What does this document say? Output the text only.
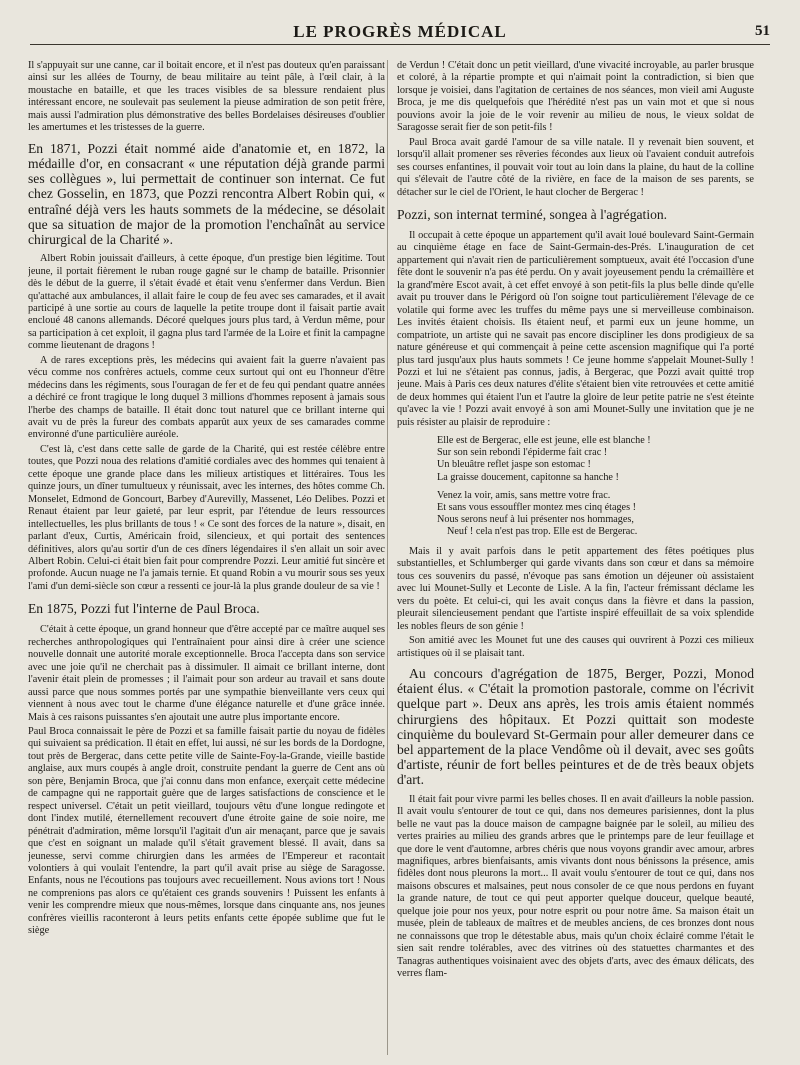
LE PROGRÈS MÉDICAL	51

Il s'appuyait sur une canne, car il boitait encore, et il n'est pas douteux qu'en paraissant ainsi sur les allées de Tourny, de beau militaire au teint pâle, à l'œil clair, à la moustache en bataille, et que les traces visibles de sa blessure rendaient plus intéressant encore, ne soulevait pas seulement la pieuse admiration de son petit frère, mais aussi l'admiration plus démonstrative des belles Bordelaises désireuses d'oublier les amertumes et les tristesses de la guerre.

En 1871, Pozzi était nommé aide d'anatomie et, en 1872, la médaille d'or, en consacrant « une réputation déjà grande parmi ses collègues », lui permettait de continuer son internat. Ce fut chez Gosselin, en 1873, que Pozzi rencontra Albert Robin qui, « entraîné déjà vers les hauts sommets de la médecine, se désolait que sa situation de major de la promotion l'enchaînât au service chirurgical de la Charité ».

Albert Robin jouissait d'ailleurs, à cette époque, d'un prestige bien légitime. Tout jeune, il portait fièrement le ruban rouge gagné sur le champ de bataille. Prisonnier dès le début de la guerre, il s'était évadé et était venu s'enfermer dans Verdun. Bien qu'attaché aux ambulances, il allait faire le coup de feu avec ses camarades, et il avait participé à une sortie au cours de laquelle la petite troupe dont il faisait partie avait encloué 48 canons allemands. Décoré quelques jours plus tard, à Verdun même, pour sa participation à cet exploit, il gagna plus tard l'armée de la Loire et finit la campagne comme lieutenant de dragons !

A de rares exceptions près, les médecins qui avaient fait la guerre n'avaient pas vécu comme nos confrères actuels, comme ceux surtout qui ont eu l'honneur d'être médecins dans les régiments, sous l'ouragan de fer et de feu qui pendant quatre années a déchiré ce front tragique le long duquel 3 millions d'hommes reposent à jamais sous l'herbe des champs de bataille. Il était donc tout naturel que ce brillant interne qui avait vu de près la fureur des combats apparût aux yeux de ses camarades comme environné d'une particulière auréole.

C'est là, c'est dans cette salle de garde de la Charité, qui est restée célèbre entre toutes, que Pozzi noua des relations d'amitié cordiales avec des hommes qui tenaient à cette époque une grande place dans les milieux artistiques et littéraires. Tous les quinze jours, un dîner tumultueux y réunissait, avec les internes, des hôtes comme Ch. Monselet, Edmond de Goncourt, Barbey d'Aurevilly, Massenet, Léo Delibes. Pozzi et Renaut étaient par leur gaieté, par leur esprit, par l'étendue de leurs ressources intellectuelles, les plus brillants de tous ! « Ce sont des forces de la nature », disait, en parlant d'eux, Curtis, Américain froid, silencieux, et qui portait des sentences définitives, alors qu'au sortir d'un de ces dîners légendaires il s'en allait un soir avec Albert Robin. Celui-ci était bien fait pour comprendre Pozzi. Leur amitié fut sincère et profonde. Aucun nuage ne l'a jamais ternie. Et quand Robin a vu mourir sous ses yeux l'ami d'un demi-siècle son cœur a ressenti ce jour-là la plus grande douleur de sa vie !

En 1875, Pozzi fut l'interne de Paul Broca.

C'était à cette époque, un grand honneur que d'être accepté par ce maître auquel ses recherches anthropologiques qui l'entraînaient pour ainsi dire à créer une science nouvelle donnait une autorité morale exceptionnelle. Broca l'accepta dans son service avec une joie qu'il ne cherchait pas à dissimuler. Il aimait ce brillant interne, dont l'avenir était plein de promesses ; il l'aimait pour son ardeur au travail et sans doute aussi parce que nous sommes portés par une sympathie bienveillante vers ceux qui viennent à nous avec tout le charme d'une élégance naturelle et d'une grâce innée. Mais à ces raisons puissantes s'en ajoutait une autre plus importante encore.

Paul Broca connaissait le père de Pozzi et sa famille faisait partie du noyau de fidèles qui suivaient sa prédication. Il était en effet, lui aussi, né sur les bords de la Dordogne, tout près de Bergerac, dans cette petite ville de Sainte-Foy-la-Grande, vieille bastide anglaise, aux murs coupés à angle droit, construite pendant la guerre de Cent ans où son père, Benjamin Broca, que j'ai connu dans mon enfance, exerçait cette médecine de campagne qui ne rapportait guère que de larges satisfactions de conscience et le respect universel. C'était un petit vieillard, toujours vêtu d'une longue redingote et dont l'index mutilé, éternellement recouvert d'une étroite gaine de soie noire, me pénétrait d'admiration, même lorsqu'il l'agitait d'un air menaçant, parce que je savais que c'est en soignant un malade qu'il s'était gravement blessé. Il avait, dans sa jeunesse, servi comme chirurgien dans les armées de l'Empereur et racontait volontiers à qui voulait l'entendre, la part qu'il avait prise au siège de Saragosse. Enfants, nous ne l'écoutions pas toujours avec recueillement. Nous avions tort ! Nous ne comprenions pas alors ce qu'étaient ces grands souvenirs ! Puissent les enfants à venir les comprendre mieux que nous-mêmes, lorsque dans cinquante ans, nos jeunes confrères vieillis raconteront à leurs petits enfants cette épopée sublime que fut le siège

de Verdun ! C'était donc un petit vieillard, d'une vivacité incroyable, au parler brusque et coloré, à la répartie prompte et qui n'aimait point la contradiction, si bien que lorsque je voisiei, dans l'agitation de certaines de nos séances, mon vieil ami Auguste Broca, je me dis quelquefois que l'hérédité n'est pas un vain mot et que si nous pouvions avoir la joie de le voir revenir au milieu de nous, le vieux soldat de Saragosse serait fier de son petit-fils !

Paul Broca avait gardé l'amour de sa ville natale. Il y revenait bien souvent, et lorsqu'il allait promener ses rêveries fécondes aux lieux où l'avaient conduit autrefois ses courses enfantines, il pouvait voir tout au loin dans la plaine, du haut de la colline qui s'élevait de l'autre côté de la rivière, en face de la maison de ses parents, se détacher sur le ciel de l'Orient, le haut clocher de Bergerac !

Pozzi, son internat terminé, songea à l'agrégation.

Il occupait à cette époque un appartement qu'il avait loué boulevard Saint-Germain au cinquième étage en face de Saint-Germain-des-Prés. L'inauguration de cet appartement qui n'avait rien de particulièrement somptueux, avait été l'occasion d'une fête dont le souvenir n'a pas été perdu. On y avait joyeusement pendu la crémaillère et la grand'mère Escot avait, à cet effet envoyé à son petit-fils la plus belle dinde qu'elle avait pu trouver dans le Périgord où l'on soigne tout particulièrement l'élevage de ce volatile qui forme avec les truffes du même pays une si merveilleuse combinaison. Les invités étaient choisis. Ils étaient neuf, et parmi eux un jeune homme, un compatriote, un artiste qui ne savait pas encore discipliner les dons prodigieux de sa nature généreuse et qui commençait à peine cette ascension magnifique qui l'a porté plus tard jusqu'aux plus hauts sommets ! Ce jeune homme s'appelait Mounet-Sully ! Pozzi et lui ne s'étaient pas connus, jadis, à Bergerac, que Pozzi avait quitté trop jeune. Mais à Paris ces deux natures d'élite s'étaient bien vite retrouvées et cette amitié de deux hommes qui étaient l'un et l'autre la gloire de leur petite patrie ne s'est éteinte qu'avec la vie ! Pozzi avait envoyé à son ami Mounet-Sully une invitation que je ne puis résister au plaisir de reproduire :

Elle est de Bergerac, elle est jeune, elle est blanche !

Sur son sein rebondi l'épiderme fait crac !

Un bleuâtre reflet jaspe son estomac !

La graisse doucement, capitonne sa hanche !

Venez la voir, amis, sans mettre votre frac.

Et sans vous essouffler montez mes cinq étages !

Nous serons neuf à lui présenter nos hommages,

Neuf ! cela n'est pas trop. Elle est de Bergerac.

Mais il y avait parfois dans le petit appartement des fêtes poétiques plus substantielles, et Schlumberger qui garde vivants dans son cœur et dans sa mémoire tous ces souvenirs du passé, n'évoque pas sans émotion un déjeuner où assistaient avec lui Mounet-Sully et Leconte de Lisle. A la fin, l'acteur frémissant déclame les vers du poète. Et celui-ci, qui les avait conçus dans la fièvre et dans la passion, pleurait silencieusement pendant que l'artiste inspiré effeuillait de sa voix splendide les nobles fleurs de son génie !

Son amitié avec les Mounet fut une des causes qui ouvrirent à Pozzi ces milieux artistiques où il se plaisait tant.

Au concours d'agrégation de 1875, Berger, Pozzi, Monod étaient élus. « C'était la promotion pastorale, comme on l'écrivit quelque part ». Deux ans après, les trois amis étaient nommés chirurgiens des hôpitaux. Et Pozzi quittait son modeste cinquième du boulevard St-Germain pour aller demeurer dans ce bel appartement de la place Vendôme où il devait, avec ses goûts d'artiste, réunir de fort belles peintures et de de très beaux objets d'art.

Il était fait pour vivre parmi les belles choses. Il en avait d'ailleurs la noble passion. Il avait voulu s'entourer de tout ce qui, dans nos demeures parisiennes, dont la plus belle ne vaut pas la douce maison de campagne baignée par le soleil, au milieu des vertes prairies au milieu des grands arbres que le printemps pare de leur feuillage et que dore le vent d'automne, arbres chéris que nous voyons grandir avec amour, arbres magnifiques, arbres bienfaisants, amis vivants dont nous bénissons la présence, amis fidèles dont nous pleurons la mort... Il avait voulu s'entourer de tout ce qui, dans nos maisons obscures et malsaines, peut nous consoler de ce que nous perdons en fuyant la grande nature, de tout ce qui peut apporter quelque douceur, quelque beauté, quelque joie pour nos yeux, pour notre esprit ou pour notre âme. Sa maison était un musée, plein de tableaux de maîtres et de meubles anciens, de ces bronzes dont nous ne connaissons que trop le détestable abus, mais qu'un choix éclairé comme l'était le sien sait rendre tolérables, avec des vitrines où des statuettes charmantes et des Tanagras authentiques voisinaient avec des objets d'arts, avec des émaux délicats, des verres flam-
